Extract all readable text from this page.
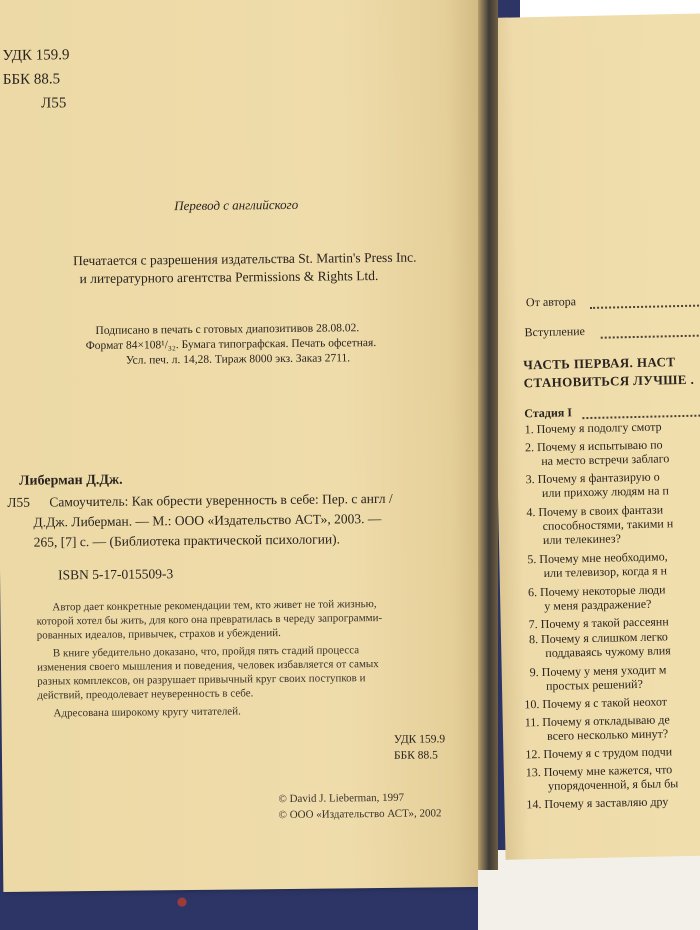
УДК 159.9
ББК 88.5
Л55
Перевод с английского
Печатается с разрешения издательства St. Martin's Press Inc.
и литературного агентства Permissions & Rights Ltd.
Подписано в печать с готовых диапозитивов 28.08.02.
Формат 84×108¹/₃₂. Бумага типографская. Печать офсетная.
Усл. печ. л. 14,28. Тираж 8000 экз. Заказ 2711.
Либерман Д.Дж.
Л55 Самоучитель: Как обрести уверенность в себе: Пер. с англ /
Д.Дж. Либерман. — М.: ООО «Издательство АСТ», 2003. —
265, [7] с. — (Библиотека практической психологии).
ISBN 5-17-015509-3
Автор дает конкретные рекомендации тем, кто живет не той жизнью,
которой хотел бы жить, для кого она превратилась в череду запрограмми-
рованных идеалов, привычек, страхов и убеждений.
В книге убедительно доказано, что, пройдя пять стадий процесса
изменения своего мышления и поведения, человек избавляется от самых
разных комплексов, он разрушает привычный круг своих поступков и
действий, преодолевает неуверенность в себе.
Адресована широкому кругу читателей.
УДК 159.9
ББК 88.5
© David J. Lieberman, 1997
© ООО «Издательство АСТ», 2002
От автора
Вступление
ЧАСТЬ ПЕРВАЯ. НАСТ
СТАНОВИТЬСЯ ЛУЧШЕ .
Стадия I
1. Почему я подолгу смотр
2. Почему я испытываю по
на место встречи заблаго
3. Почему я фантазирую о
или прихожу людям на п
4. Почему в своих фантази
способностями, такими н
или телекинез?
5. Почему мне необходимо,
или телевизор, когда я н
6. Почему некоторые люди
у меня раздражение?
7. Почему я такой рассеянн
8. Почему я слишком легко
поддаваясь чужому влия
9. Почему у меня уходит м
простых решений?
10. Почему я с такой неохот
11. Почему я откладываю де
всего несколько минут?
12. Почему я с трудом подчи
13. Почему мне кажется, что
упорядоченной, я был бы
14. Почему я заставляю дру
